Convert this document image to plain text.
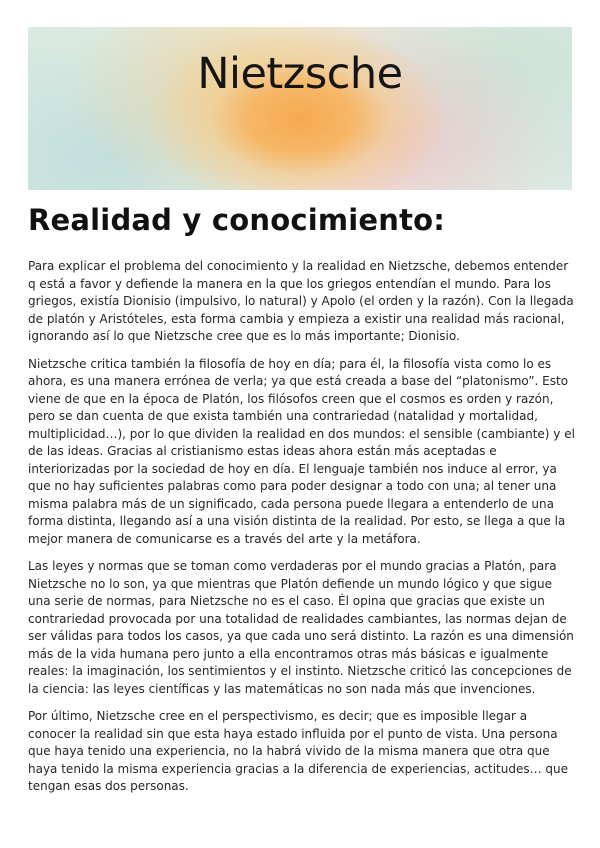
Nietzsche
Realidad y conocimiento:

Para explicar el problema del conocimiento y la realidad en Nietzsche, debemos entender q está a favor y defiende la manera en la que los griegos entendían el mundo. Para los griegos, existía Dionisio (impulsivo, lo natural) y Apolo (el orden y la razón). Con la llegada de platón y Aristóteles, esta forma cambia y empieza a existir una realidad más racional, ignorando así lo que Nietzsche cree que es lo más importante; Dionisio.

Nietzsche critica también la filosofía de hoy en día; para él, la filosofía vista como lo es ahora, es una manera errónea de verla; ya que está creada a base del “platonismo”. Esto viene de que en la época de Platón, los filósofos creen que el cosmos es orden y razón, pero se dan cuenta de que exista también una contrariedad (natalidad y mortalidad, multiplicidad…), por lo que dividen la realidad en dos mundos: el sensible (cambiante) y el de las ideas. Gracias al cristianismo estas ideas ahora están más aceptadas e interiorizadas por la sociedad de hoy en día. El lenguaje también nos induce al error, ya que no hay suficientes palabras como para poder designar a todo con una; al tener una misma palabra más de un significado, cada persona puede llegara a entenderlo de una forma distinta, llegando así a una visión distinta de la realidad. Por esto, se llega a que la mejor manera de comunicarse es a través del arte y la metáfora.

Las leyes y normas que se toman como verdaderas por el mundo gracias a Platón, para Nietzsche no lo son, ya que mientras que Platón defiende un mundo lógico y que sigue una serie de normas, para Nietzsche no es el caso. Él opina que gracias que existe un contrariedad provocada por una totalidad de realidades cambiantes, las normas dejan de ser válidas para todos los casos, ya que cada uno será distinto. La razón es una dimensión más de la vida humana pero junto a ella encontramos otras más básicas e igualmente reales: la imaginación, los sentimientos y el instinto. Nietzsche criticó las concepciones de la ciencia: las leyes científicas y las matemáticas no son nada más que invenciones.

Por último, Nietzsche cree en el perspectivismo, es decir; que es imposible llegar a conocer la realidad sin que esta haya estado influida por el punto de vista. Una persona que haya tenido una experiencia, no la habrá vivido de la misma manera que otra que haya tenido la misma experiencia gracias a la diferencia de experiencias, actitudes… que tengan esas dos personas.
